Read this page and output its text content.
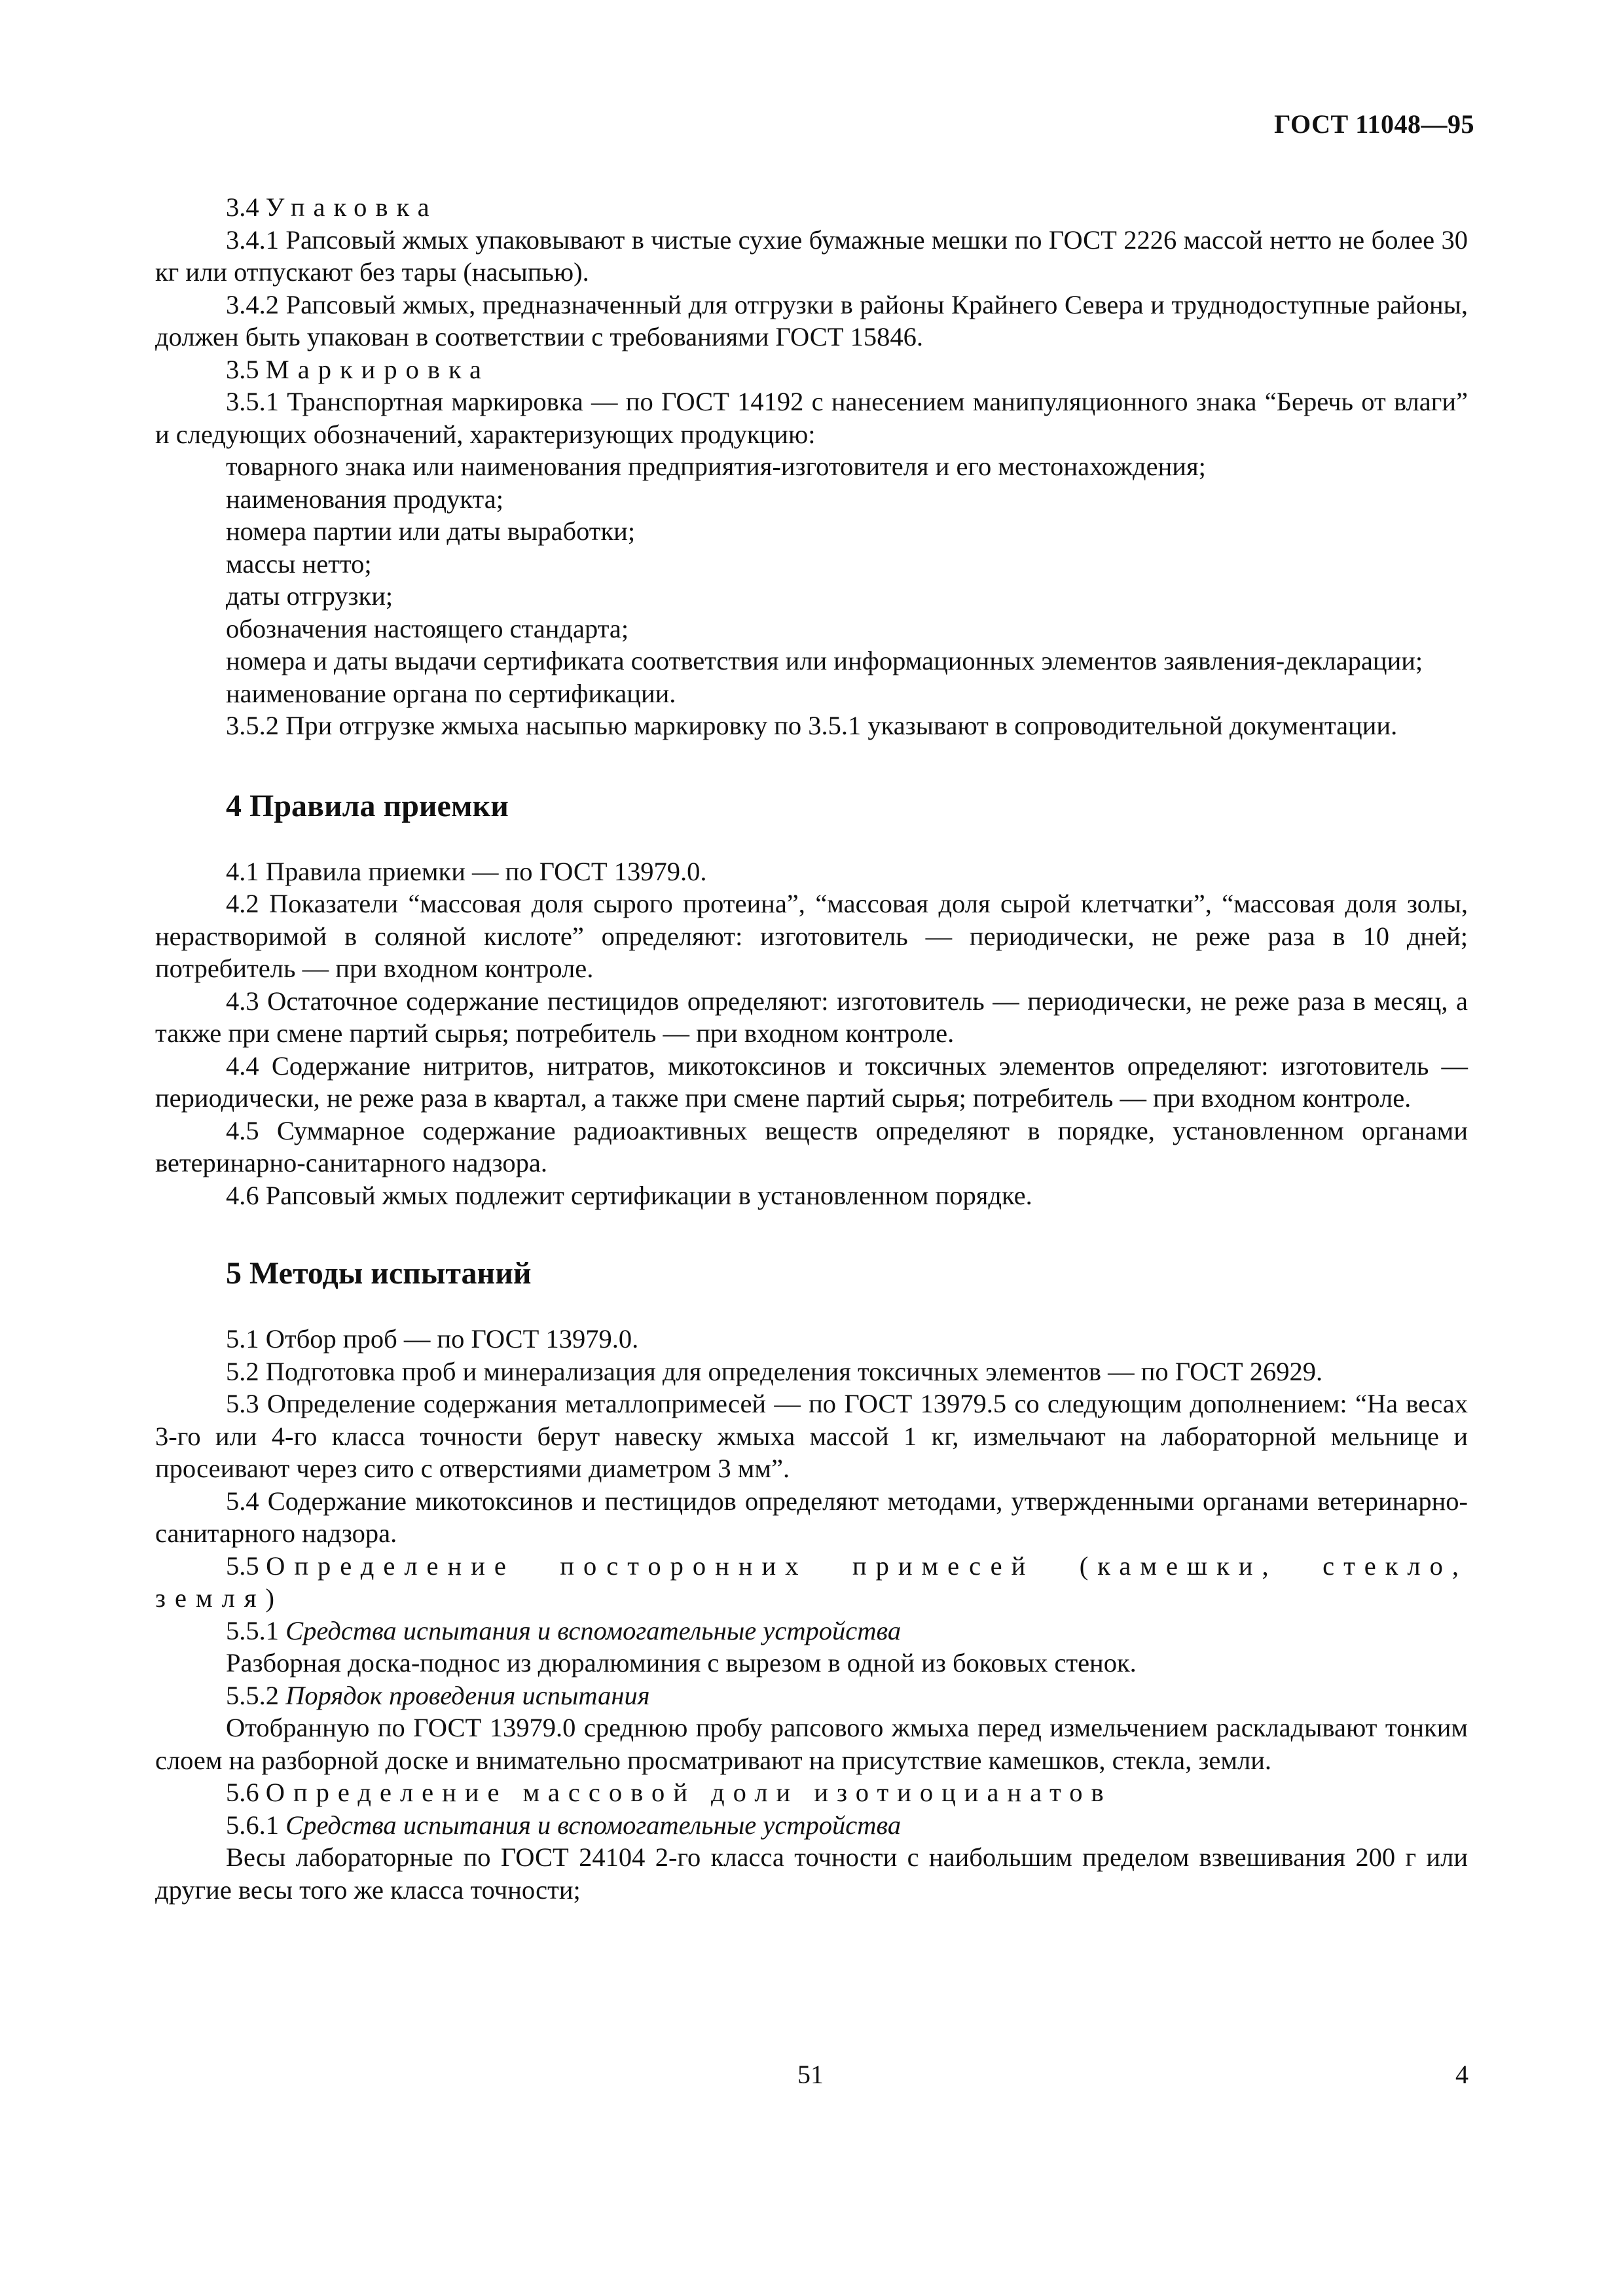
ГОСТ 11048—95

3.4 Упаковка

3.4.1 Рапсовый жмых упаковывают в чистые сухие бумажные мешки по ГОСТ 2226 массой нетто не более 30 кг или отпускают без тары (насыпью).

3.4.2 Рапсовый жмых, предназначенный для отгрузки в районы Крайнего Севера и труднодоступные районы, должен быть упакован в соответствии с требованиями ГОСТ 15846.

3.5 Маркировка

3.5.1 Транспортная маркировка — по ГОСТ 14192 с нанесением манипуляционного знака “Беречь от влаги” и следующих обозначений, характеризующих продукцию:

товарного знака или наименования предприятия-изготовителя и его местонахождения;

наименования продукта;

номера партии или даты выработки;

массы нетто;

даты отгрузки;

обозначения настоящего стандарта;

номера и даты выдачи сертификата соответствия или информационных элементов заявления-декларации;

наименование органа по сертификации.

3.5.2 При отгрузке жмыха насыпью маркировку по 3.5.1 указывают в сопроводительной документации.

4 Правила приемки

4.1 Правила приемки — по ГОСТ 13979.0.

4.2 Показатели “массовая доля сырого протеина”, “массовая доля сырой клетчатки”, “массовая доля золы, нерастворимой в соляной кислоте” определяют: изготовитель — периодически, не реже раза в 10 дней; потребитель — при входном контроле.

4.3 Остаточное содержание пестицидов определяют: изготовитель — периодически, не реже раза в месяц, а также при смене партий сырья; потребитель — при входном контроле.

4.4 Содержание нитритов, нитратов, микотоксинов и токсичных элементов определяют: изготовитель — периодически, не реже раза в квартал, а также при смене партий сырья; потребитель — при входном контроле.

4.5 Суммарное содержание радиоактивных веществ определяют в порядке, установленном органами ветеринарно-санитарного надзора.

4.6 Рапсовый жмых подлежит сертификации в установленном порядке.

5 Методы испытаний

5.1 Отбор проб — по ГОСТ 13979.0.

5.2 Подготовка проб и минерализация для определения токсичных элементов — по ГОСТ 26929.

5.3 Определение содержания металлопримесей — по ГОСТ 13979.5 со следующим дополнением: “На весах 3-го или 4-го класса точности берут навеску жмыха массой 1 кг, измельчают на лабораторной мельнице и просеивают через сито с отверстиями диаметром 3 мм”.

5.4 Содержание микотоксинов и пестицидов определяют методами, утвержденными органами ветеринарно-санитарного надзора.

5.5 Определение посторонних примесей (камешки, стекло, земля)

5.5.1 Средства испытания и вспомогательные устройства

Разборная доска-поднос из дюралюминия с вырезом в одной из боковых стенок.

5.5.2 Порядок проведения испытания

Отобранную по ГОСТ 13979.0 среднюю пробу рапсового жмыха перед измельчением раскладывают тонким слоем на разборной доске и внимательно просматривают на присутствие камешков, стекла, земли.

5.6 Определение массовой доли изотиоцианатов

5.6.1 Средства испытания и вспомогательные устройства

Весы лабораторные по ГОСТ 24104 2-го класса точности с наибольшим пределом взвешивания 200 г или другие весы того же класса точности;

51	4
